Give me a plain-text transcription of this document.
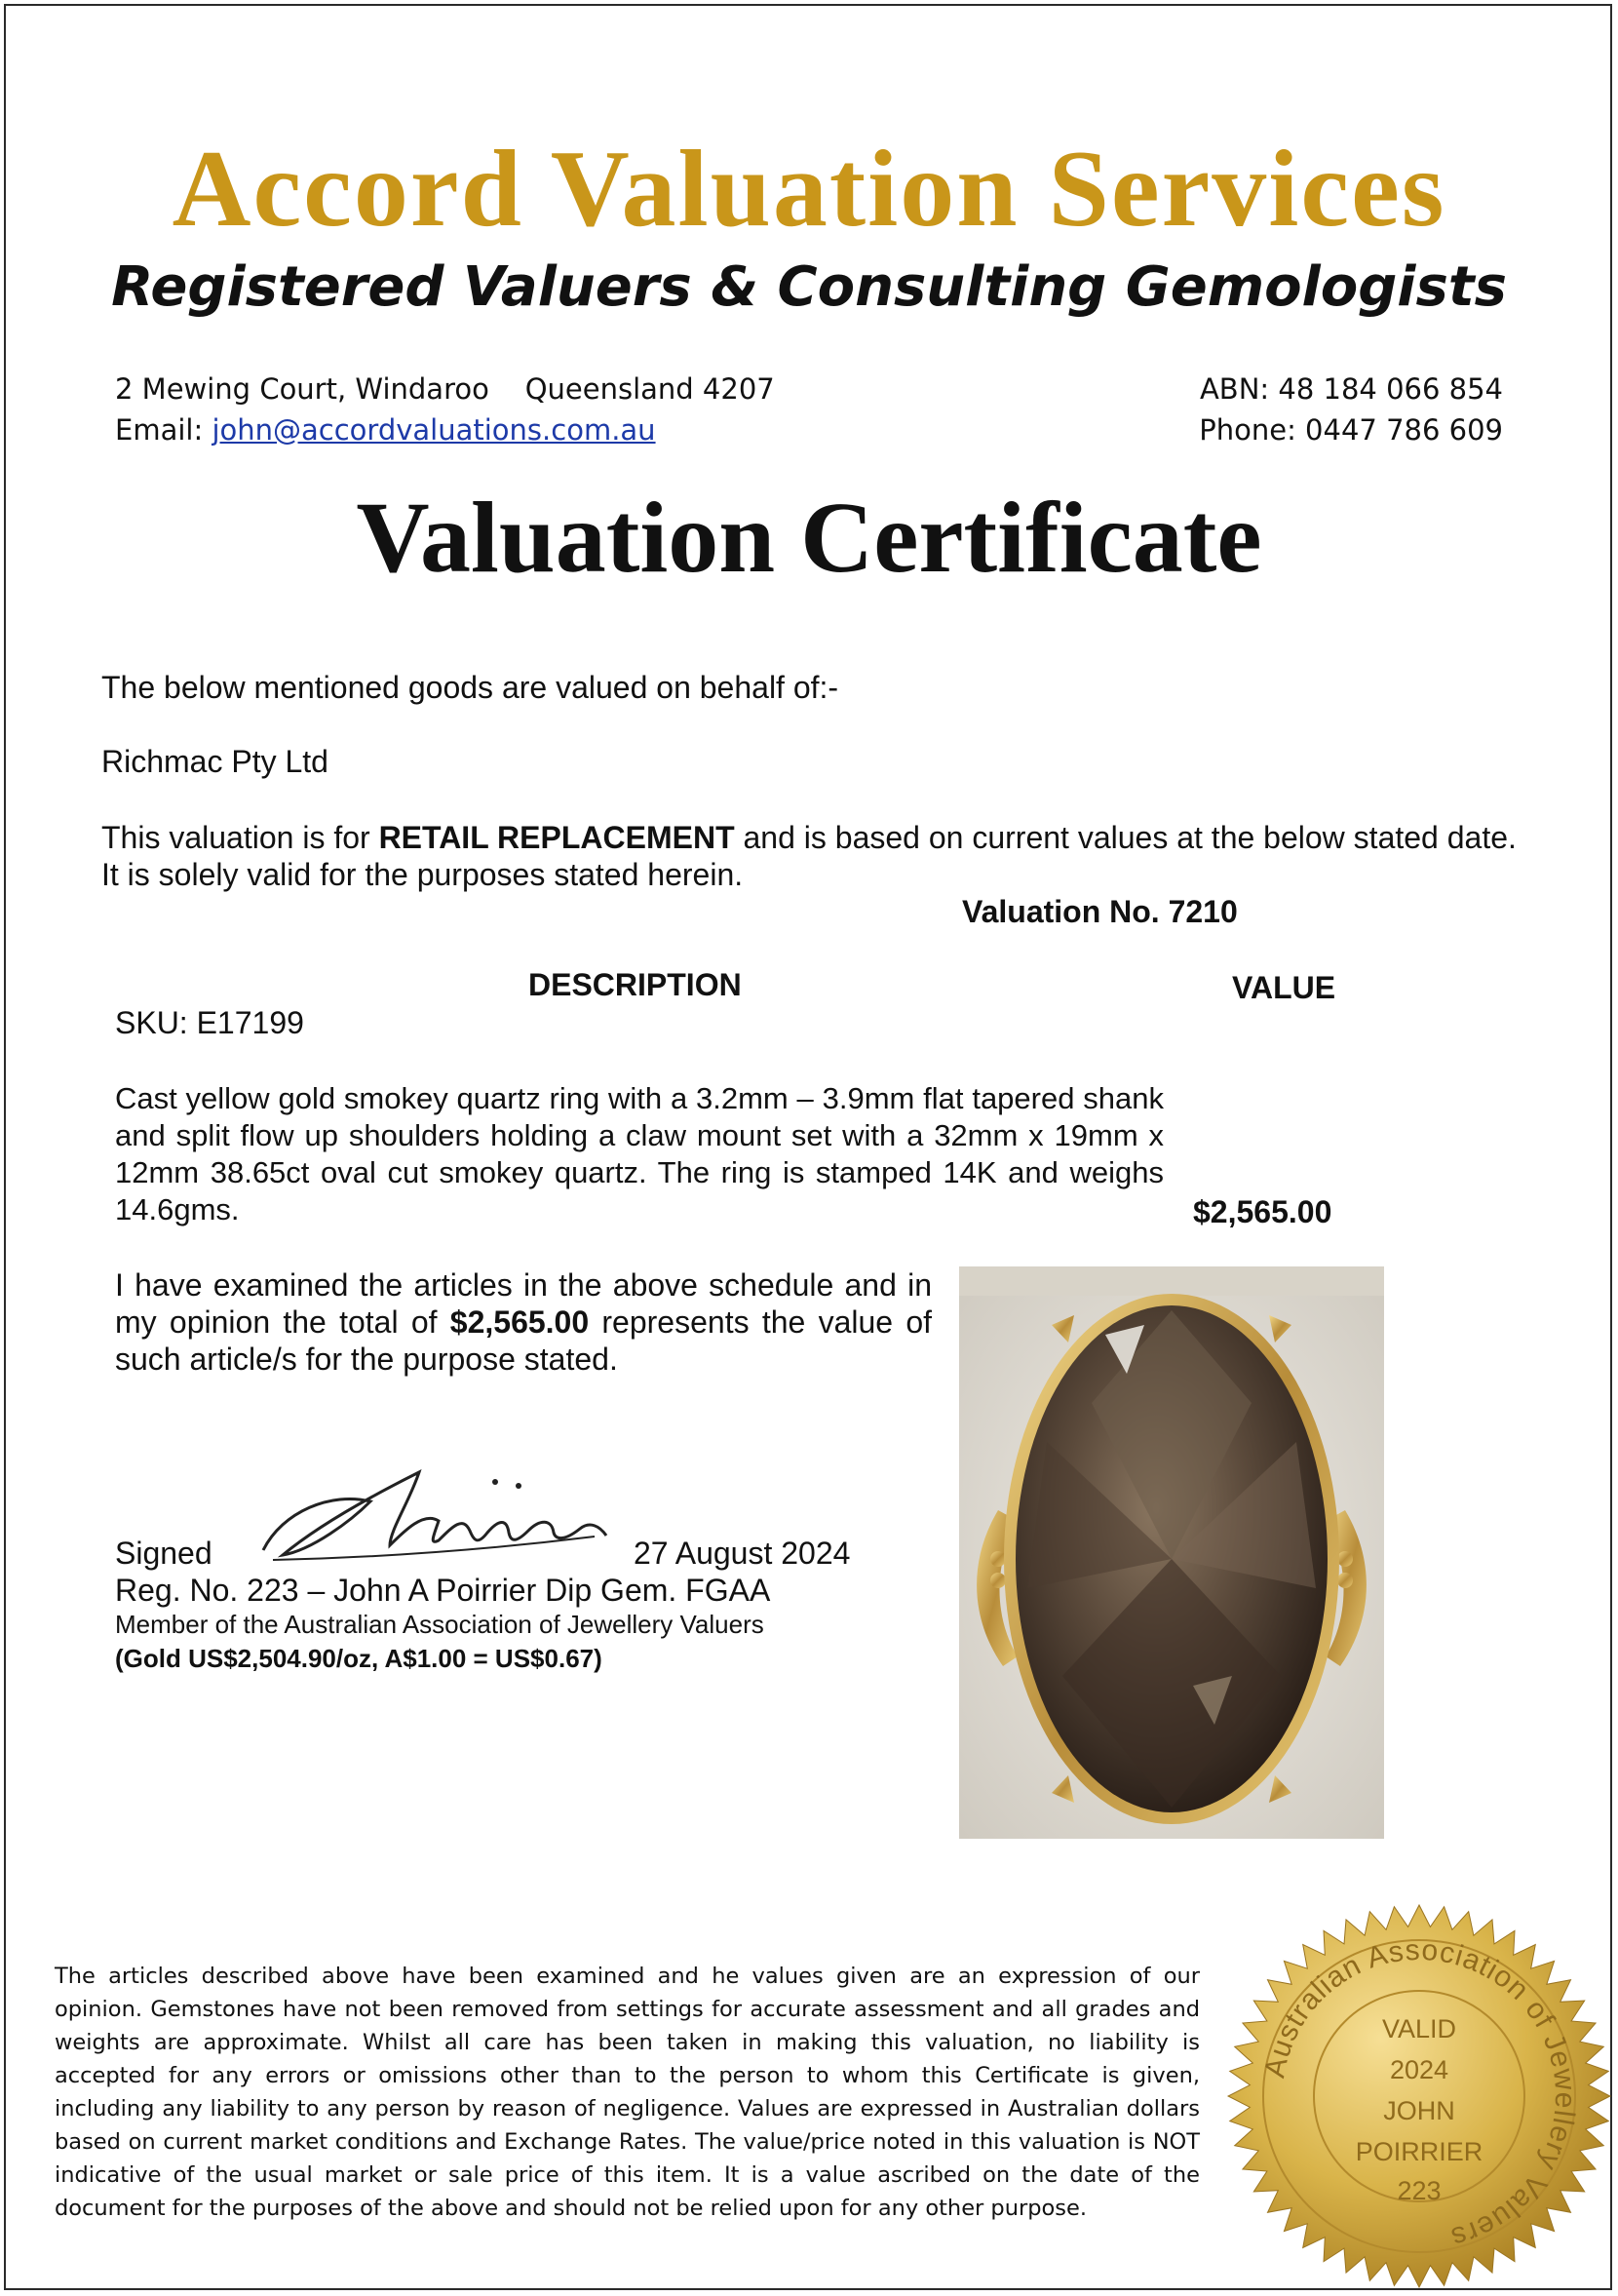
Accord Valuation Services
Registered Valuers & Consulting Gemologists
2 Mewing Court, Windaroo    Queensland 4207
Email: john@accordvaluations.com.au
ABN: 48 184 066 854
Phone: 0447 786 609
Valuation Certificate
The below mentioned goods are valued on behalf of:-
Richmac Pty Ltd
This valuation is for RETAIL REPLACEMENT and is based on current values at the below stated date. It is solely valid for the purposes stated herein.
Valuation No. 7210
DESCRIPTION	VALUE
SKU: E17199
Cast yellow gold smokey quartz ring with a 3.2mm – 3.9mm flat tapered shank and split flow up shoulders holding a claw mount set with a 32mm x 19mm x 12mm 38.65ct oval cut smokey quartz. The ring is stamped 14K and weighs 14.6gms.	$2,565.00
I have examined the articles in the above schedule and in my opinion the total of $2,565.00 represents the value of such article/s for the purpose stated.
Signed	27 August 2024
Reg. No. 223 – John A Poirrier Dip Gem. FGAA
Member of the Australian Association of Jewellery Valuers
(Gold US$2,504.90/oz, A$1.00 = US$0.67)
The articles described above have been examined and he values given are an expression of our opinion. Gemstones have not been removed from settings for accurate assessment and all grades and weights are approximate. Whilst all care has been taken in making this valuation, no liability is accepted for any errors or omissions other than to the person to whom this Certificate is given, including any liability to any person by reason of negligence. Values are expressed in Australian dollars based on current market conditions and Exchange Rates. The value/price noted in this valuation is NOT indicative of the usual market or sale price of this item. It is a value ascribed on the date of the document for the purposes of the above and should not be relied upon for any other purpose.
Australian Association of Jewellery Valuers
VALID
2024
JOHN
POIRRIER
223
